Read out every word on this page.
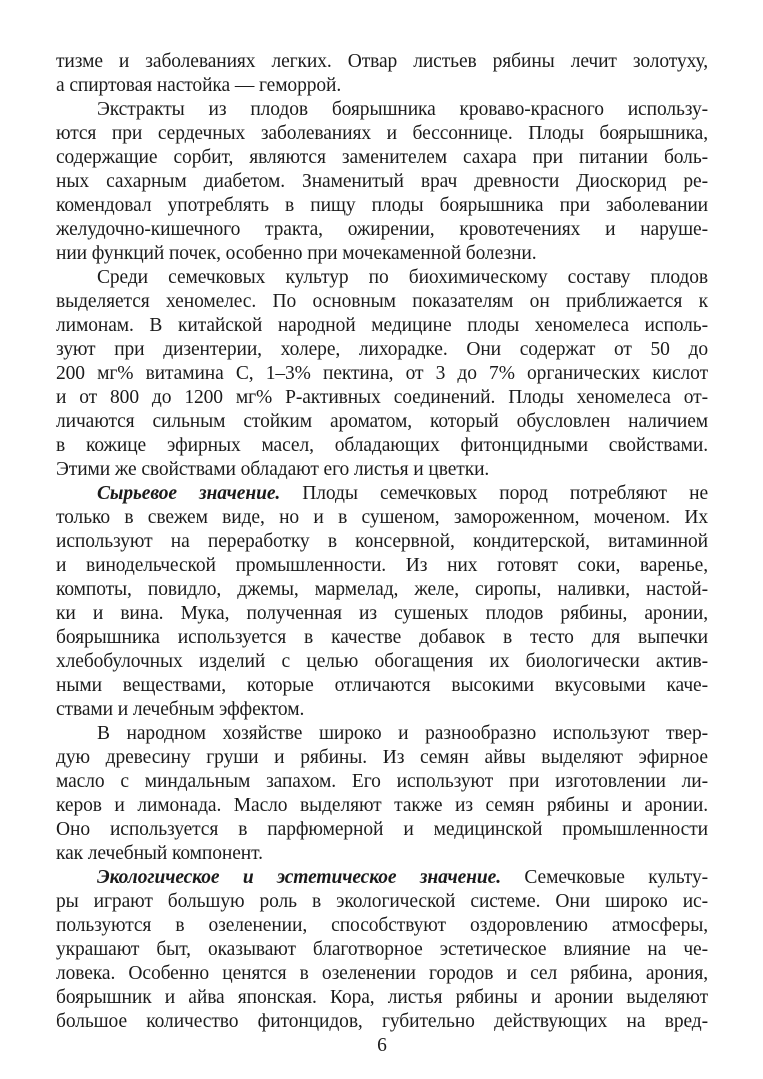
тизме и заболеваниях легких. Отвар листьев рябины лечит золотуху,
а спиртовая настойка — геморрой.
Экстракты из плодов боярышника кроваво-красного использу-
ются при сердечных заболеваниях и бессоннице. Плоды боярышника,
содержащие сорбит, являются заменителем сахара при питании боль-
ных сахарным диабетом. Знаменитый врач древности Диоскорид ре-
комендовал употреблять в пищу плоды боярышника при заболевании
желудочно-кишечного тракта, ожирении, кровотечениях и наруше-
нии функций почек, особенно при мочекаменной болезни.
Среди семечковых культур по биохимическому составу плодов
выделяется хеномелес. По основным показателям он приближается к
лимонам. В китайской народной медицине плоды хеномелеса исполь-
зуют при дизентерии, холере, лихорадке. Они содержат от 50 до
200 мг% витамина C, 1–3% пектина, от 3 до 7% органических кислот
и от 800 до 1200 мг% Р-активных соединений. Плоды хеномелеса от-
личаются сильным стойким ароматом, который обусловлен наличием
в кожице эфирных масел, обладающих фитонцидными свойствами.
Этими же свойствами обладают его листья и цветки.
Сырьевое значение. Плоды семечковых пород потребляют не
только в свежем виде, но и в сушеном, замороженном, моченом. Их
используют на переработку в консервной, кондитерской, витаминной
и винодельческой промышленности. Из них готовят соки, варенье,
компоты, повидло, джемы, мармелад, желе, сиропы, наливки, настой-
ки и вина. Мука, полученная из сушеных плодов рябины, аронии,
боярышника используется в качестве добавок в тесто для выпечки
хлебобулочных изделий с целью обогащения их биологически актив-
ными веществами, которые отличаются высокими вкусовыми каче-
ствами и лечебным эффектом.
В народном хозяйстве широко и разнообразно используют твер-
дую древесину груши и рябины. Из семян айвы выделяют эфирное
масло с миндальным запахом. Его используют при изготовлении ли-
керов и лимонада. Масло выделяют также из семян рябины и аронии.
Оно используется в парфюмерной и медицинской промышленности
как лечебный компонент.
Экологическое и эстетическое значение. Семечковые культу-
ры играют большую роль в экологической системе. Они широко ис-
пользуются в озеленении, способствуют оздоровлению атмосферы,
украшают быт, оказывают благотворное эстетическое влияние на че-
ловека. Особенно ценятся в озеленении городов и сел рябина, арония,
боярышник и айва японская. Кора, листья рябины и аронии выделяют
большое количество фитонцидов, губительно действующих на вред-
6
